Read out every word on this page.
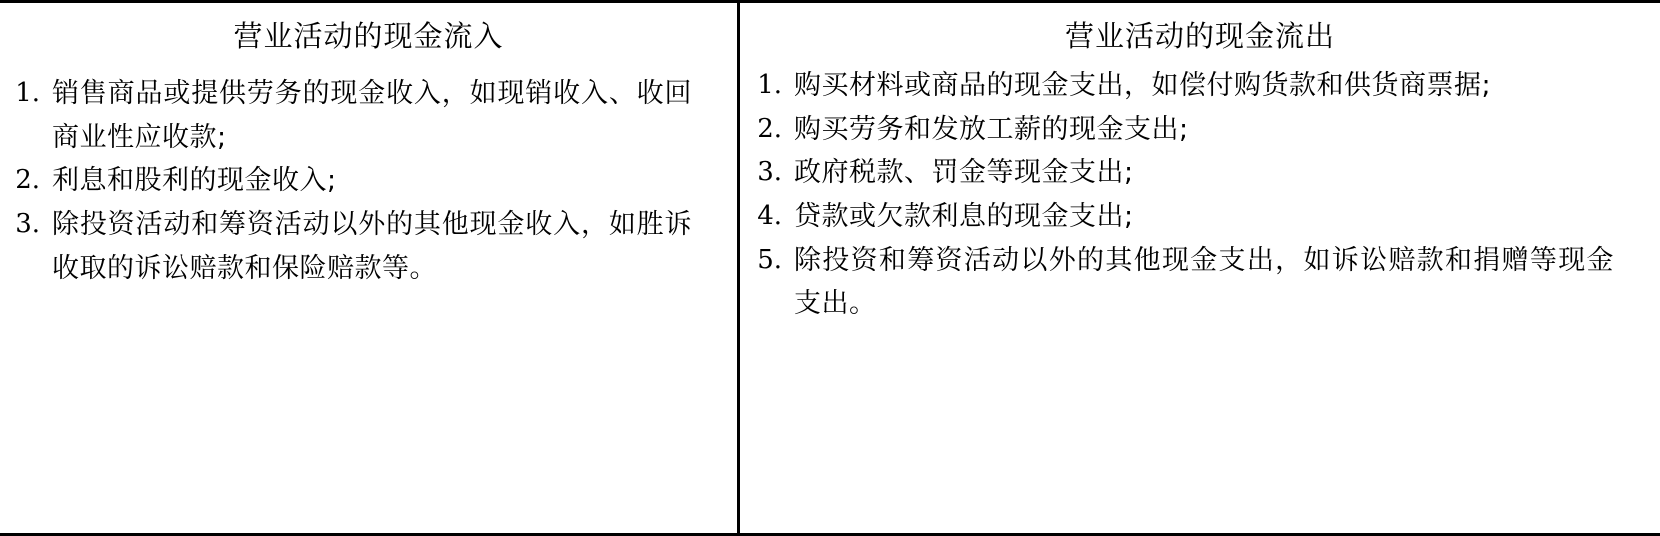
营业活动的现金流入
1. 销售商品或提供劳务的现金收入，如现销收入、收回商业性应收款;
2. 利息和股利的现金收入;
3. 除投资活动和筹资活动以外的其他现金收入，如胜诉收取的诉讼赔款和保险赔款等。
营业活动的现金流出
1. 购买材料或商品的现金支出，如偿付购货款和供货商票据;
2. 购买劳务和发放工薪的现金支出;
3. 政府税款、罚金等现金支出;
4. 贷款或欠款利息的现金支出;
5. 除投资和筹资活动以外的其他现金支出，如诉讼赔款和捐赠等现金支出。
